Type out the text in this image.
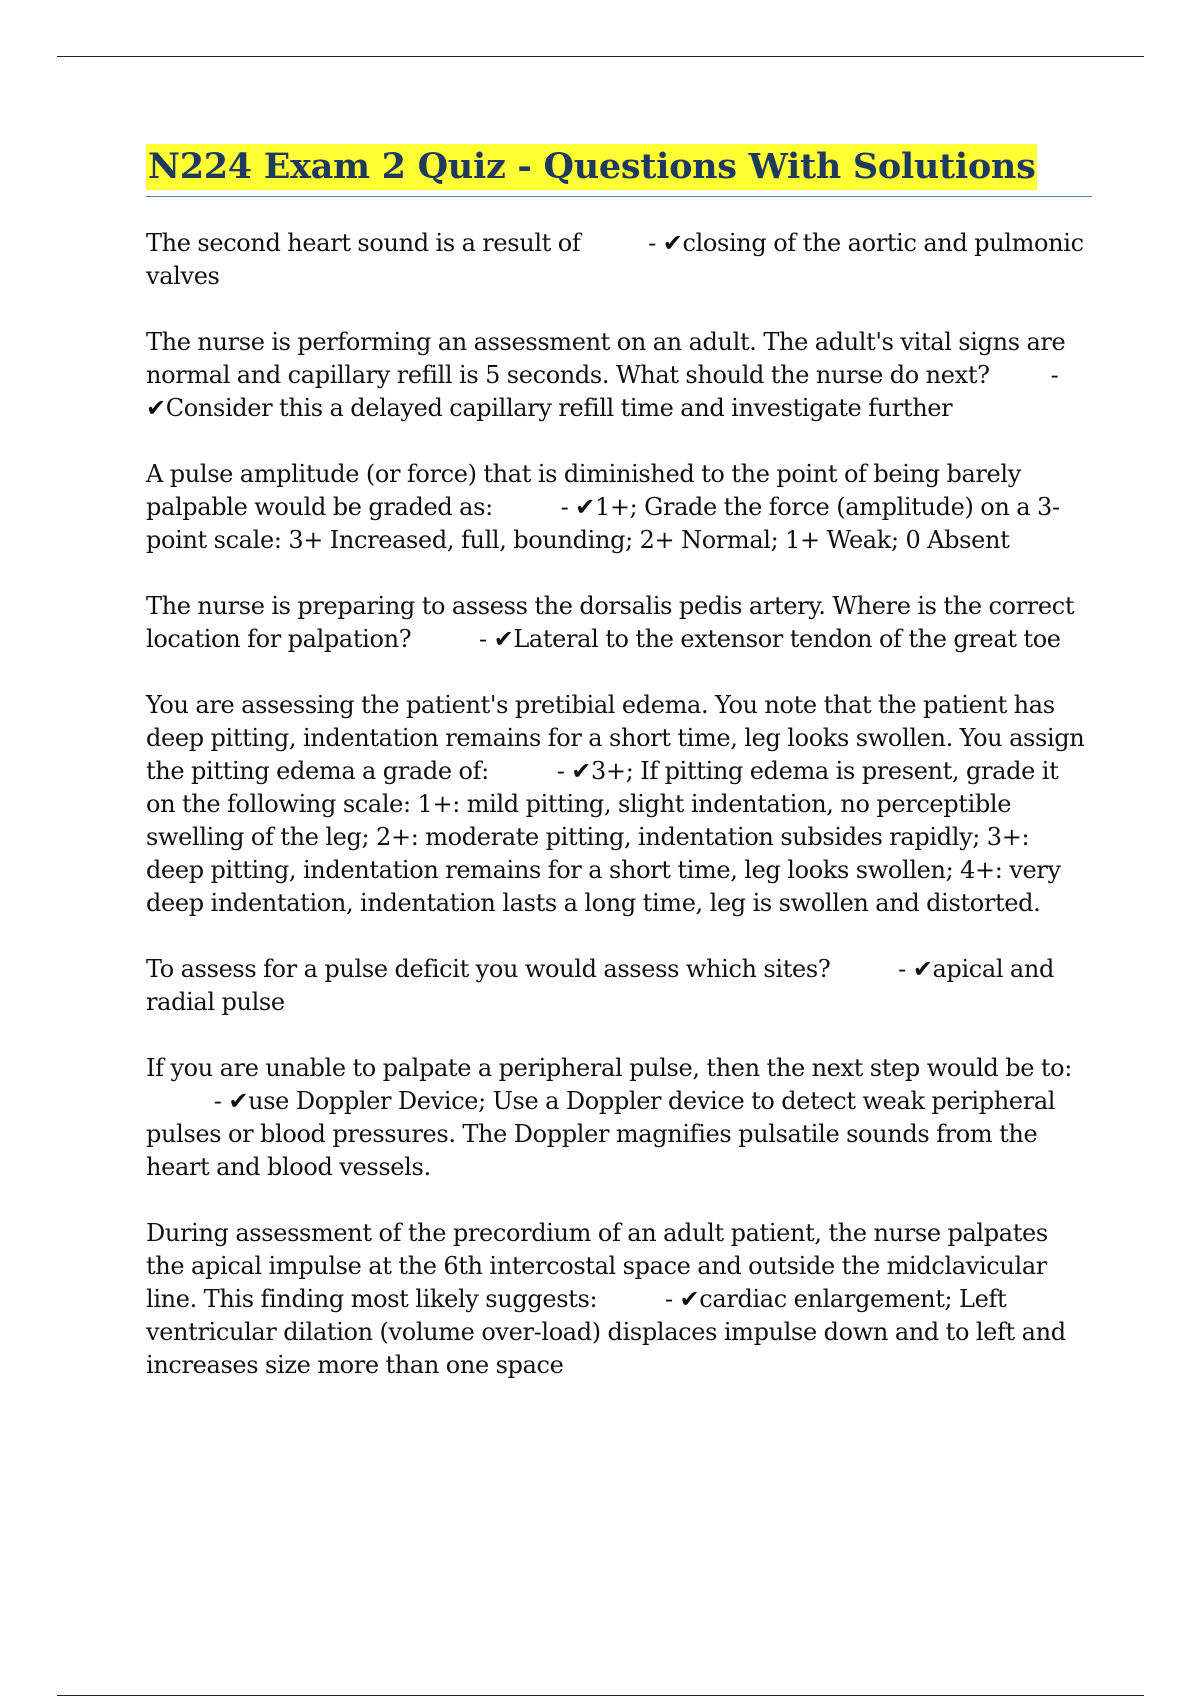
N224 Exam 2 Quiz - Questions With Solutions

The second heart sound is a result of	- ✔closing of the aortic and pulmonic valves

The nurse is performing an assessment on an adult. The adult's vital signs are normal and capillary refill is 5 seconds. What should the nurse do next?	- ✔Consider this a delayed capillary refill time and investigate further

A pulse amplitude (or force) that is diminished to the point of being barely palpable would be graded as:	- ✔1+; Grade the force (amplitude) on a 3-point scale: 3+ Increased, full, bounding; 2+ Normal; 1+ Weak; 0 Absent

The nurse is preparing to assess the dorsalis pedis artery. Where is the correct location for palpation?	- ✔Lateral to the extensor tendon of the great toe

You are assessing the patient's pretibial edema. You note that the patient has deep pitting, indentation remains for a short time, leg looks swollen. You assign the pitting edema a grade of:	- ✔3+; If pitting edema is present, grade it on the following scale: 1+: mild pitting, slight indentation, no perceptible swelling of the leg; 2+: moderate pitting, indentation subsides rapidly; 3+: deep pitting, indentation remains for a short time, leg looks swollen; 4+: very deep indentation, indentation lasts a long time, leg is swollen and distorted.

To assess for a pulse deficit you would assess which sites?	- ✔apical and radial pulse

If you are unable to palpate a peripheral pulse, then the next step would be to:          - ✔use Doppler Device; Use a Doppler device to detect weak peripheral pulses or blood pressures. The Doppler magnifies pulsatile sounds from the heart and blood vessels.

During assessment of the precordium of an adult patient, the nurse palpates the apical impulse at the 6th intercostal space and outside the midclavicular line. This finding most likely suggests:	- ✔cardiac enlargement; Left ventricular dilation (volume over-load) displaces impulse down and to left and increases size more than one space
